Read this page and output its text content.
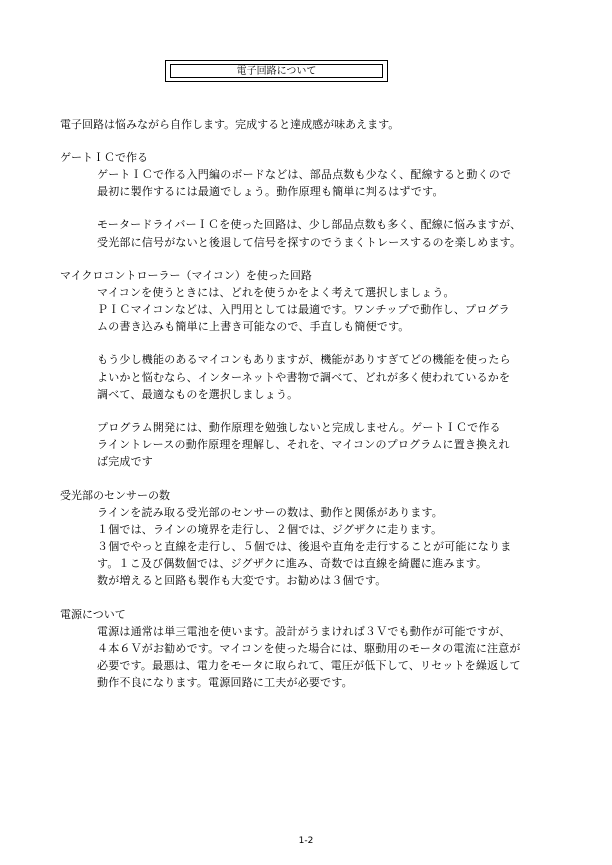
電子回路について

電子回路は悩みながら自作します。完成すると達成感が味あえます。

ゲートＩＣで作る

ゲートＩＣで作る入門編のボードなどは、部品点数も少なく、配線すると動くので
最初に製作するには最適でしょう。動作原理も簡単に判るはずです。

モータードライバーＩＣを使った回路は、少し部品点数も多く、配線に悩みますが、
受光部に信号がないと後退して信号を探すのでうまくトレースするのを楽しめます。

マイクロコントローラー（マイコン）を使った回路

マイコンを使うときには、どれを使うかをよく考えて選択しましょう。
ＰＩＣマイコンなどは、入門用としては最適です。ワンチップで動作し、プログラ
ムの書き込みも簡単に上書き可能なので、手直しも簡便です。

もう少し機能のあるマイコンもありますが、機能がありすぎてどの機能を使ったら
よいかと悩むなら、インターネットや書物で調べて、どれが多く使われているかを
調べて、最適なものを選択しましょう。

プログラム開発には、動作原理を勉強しないと完成しません。ゲートＩＣで作る
ライントレースの動作原理を理解し、それを、マイコンのプログラムに置き換えれ
ば完成です

受光部のセンサーの数

ラインを読み取る受光部のセンサーの数は、動作と関係があります。
１個では、ラインの境界を走行し、２個では、ジグザクに走ります。
３個でやっと直線を走行し、５個では、後退や直角を走行することが可能になりま
す。１こ及び偶数個では、ジグザクに進み、奇数では直線を綺麗に進みます。
数が増えると回路も製作も大変です。お勧めは３個です。

電源について

電源は通常は単三電池を使います。設計がうまければ３Ｖでも動作が可能ですが、
４本６Ｖがお勧めです。マイコンを使った場合には、駆動用のモータの電流に注意が
必要です。最悪は、電力をモータに取られて、電圧が低下して、リセットを繰返して
動作不良になります。電源回路に工夫が必要です。

1-2
